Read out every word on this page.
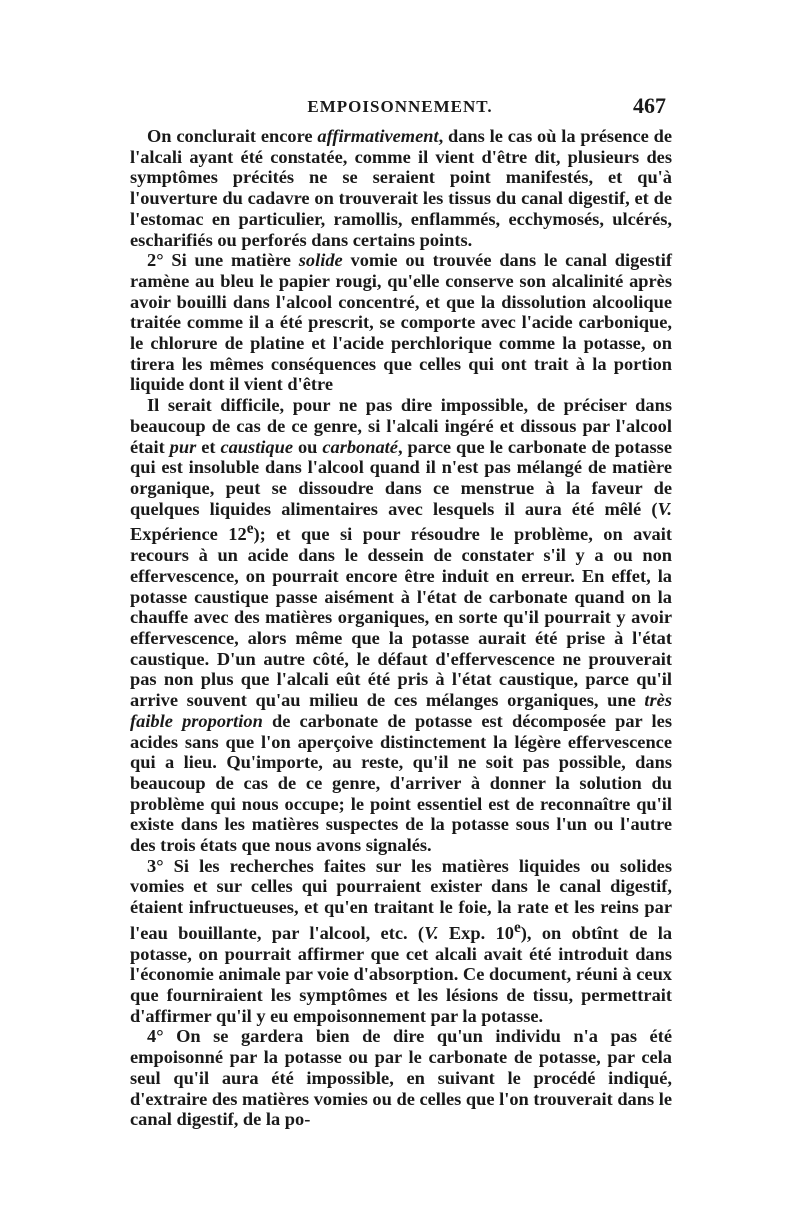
EMPOISONNEMENT.	467

On conclurait encore affirmativement, dans le cas où la présence de l'alcali ayant été constatée, comme il vient d'être dit, plusieurs des symptômes précités ne se seraient point manifestés, et qu'à l'ouverture du cadavre on trouverait les tissus du canal digestif, et de l'estomac en particulier, ramollis, enflammés, ecchymosés, ulcérés, escharifiés ou perforés dans certains points.

2° Si une matière solide vomie ou trouvée dans le canal digestif ramène au bleu le papier rougi, qu'elle conserve son alcalinité après avoir bouilli dans l'alcool concentré, et que la dissolution alcoolique traitée comme il a été prescrit, se comporte avec l'acide carbonique, le chlorure de platine et l'acide perchlorique comme la potasse, on tirera les mêmes conséquences que celles qui ont trait à la portion liquide dont il vient d'être

Il serait difficile, pour ne pas dire impossible, de préciser dans beaucoup de cas de ce genre, si l'alcali ingéré et dissous par l'alcool était pur et caustique ou carbonaté, parce que le carbonate de potasse qui est insoluble dans l'alcool quand il n'est pas mélangé de matière organique, peut se dissoudre dans ce menstrue à la faveur de quelques liquides alimentaires avec lesquels il aura été mêlé (V. Expérience 12e); et que si pour résoudre le problème, on avait recours à un acide dans le dessein de constater s'il y a ou non effervescence, on pourrait encore être induit en erreur. En effet, la potasse caustique passe aisément à l'état de carbonate quand on la chauffe avec des matières organiques, en sorte qu'il pourrait y avoir effervescence, alors même que la potasse aurait été prise à l'état caustique. D'un autre côté, le défaut d'effervescence ne prouverait pas non plus que l'alcali eût été pris à l'état caustique, parce qu'il arrive souvent qu'au milieu de ces mélanges organiques, une très faible proportion de carbonate de potasse est décomposée par les acides sans que l'on aperçoive distinctement la légère effervescence qui a lieu. Qu'importe, au reste, qu'il ne soit pas possible, dans beaucoup de cas de ce genre, d'arriver à donner la solution du problème qui nous occupe; le point essentiel est de reconnaître qu'il existe dans les matières suspectes de la potasse sous l'un ou l'autre des trois états que nous avons signalés.

3° Si les recherches faites sur les matières liquides ou solides vomies et sur celles qui pourraient exister dans le canal digestif, étaient infructueuses, et qu'en traitant le foie, la rate et les reins par l'eau bouillante, par l'alcool, etc. (V. Exp. 10e), on obtînt de la potasse, on pourrait affirmer que cet alcali avait été introduit dans l'économie animale par voie d'absorption. Ce document, réuni à ceux que fourniraient les symptômes et les lésions de tissu, permettrait d'affirmer qu'il y eu empoisonnement par la potasse.

4° On se gardera bien de dire qu'un individu n'a pas été empoisonné par la potasse ou par le carbonate de potasse, par cela seul qu'il aura été impossible, en suivant le procédé indiqué, d'extraire des matières vomies ou de celles que l'on trouverait dans le canal digestif, de la po-
